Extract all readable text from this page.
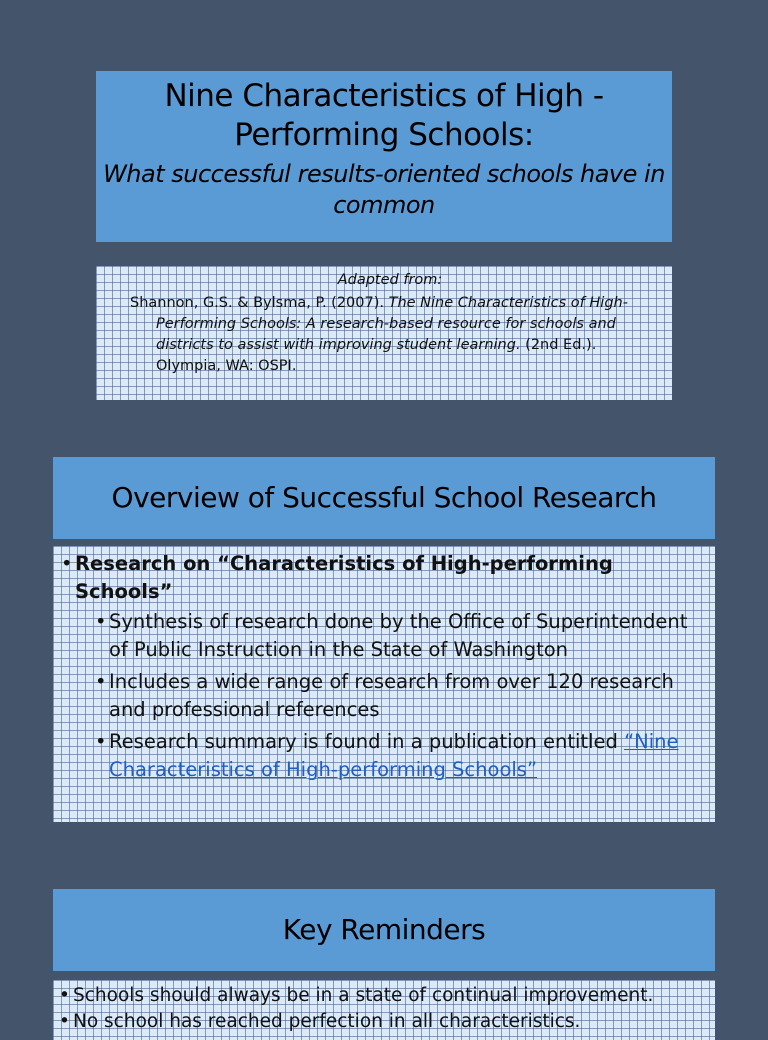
Nine Characteristics of High - Performing Schools:

What successful results-oriented schools have in common

Adapted from:

Shannon, G.S. & Bylsma, P. (2007). The Nine Characteristics of High-Performing Schools: A research-based resource for schools and districts to assist with improving student learning. (2nd Ed.). Olympia, WA: OSPI.

Overview of Successful School Research
• Research on “Characteristics of High-performing Schools”
• Synthesis of research done by the Office of Superintendent of Public Instruction in the State of Washington
• Includes a wide range of research from over 120 research and professional references
• Research summary is found in a publication entitled “Nine Characteristics of High-performing Schools”
Key Reminders
• Schools should always be in a state of continual improvement.
• No school has reached perfection in all characteristics.
